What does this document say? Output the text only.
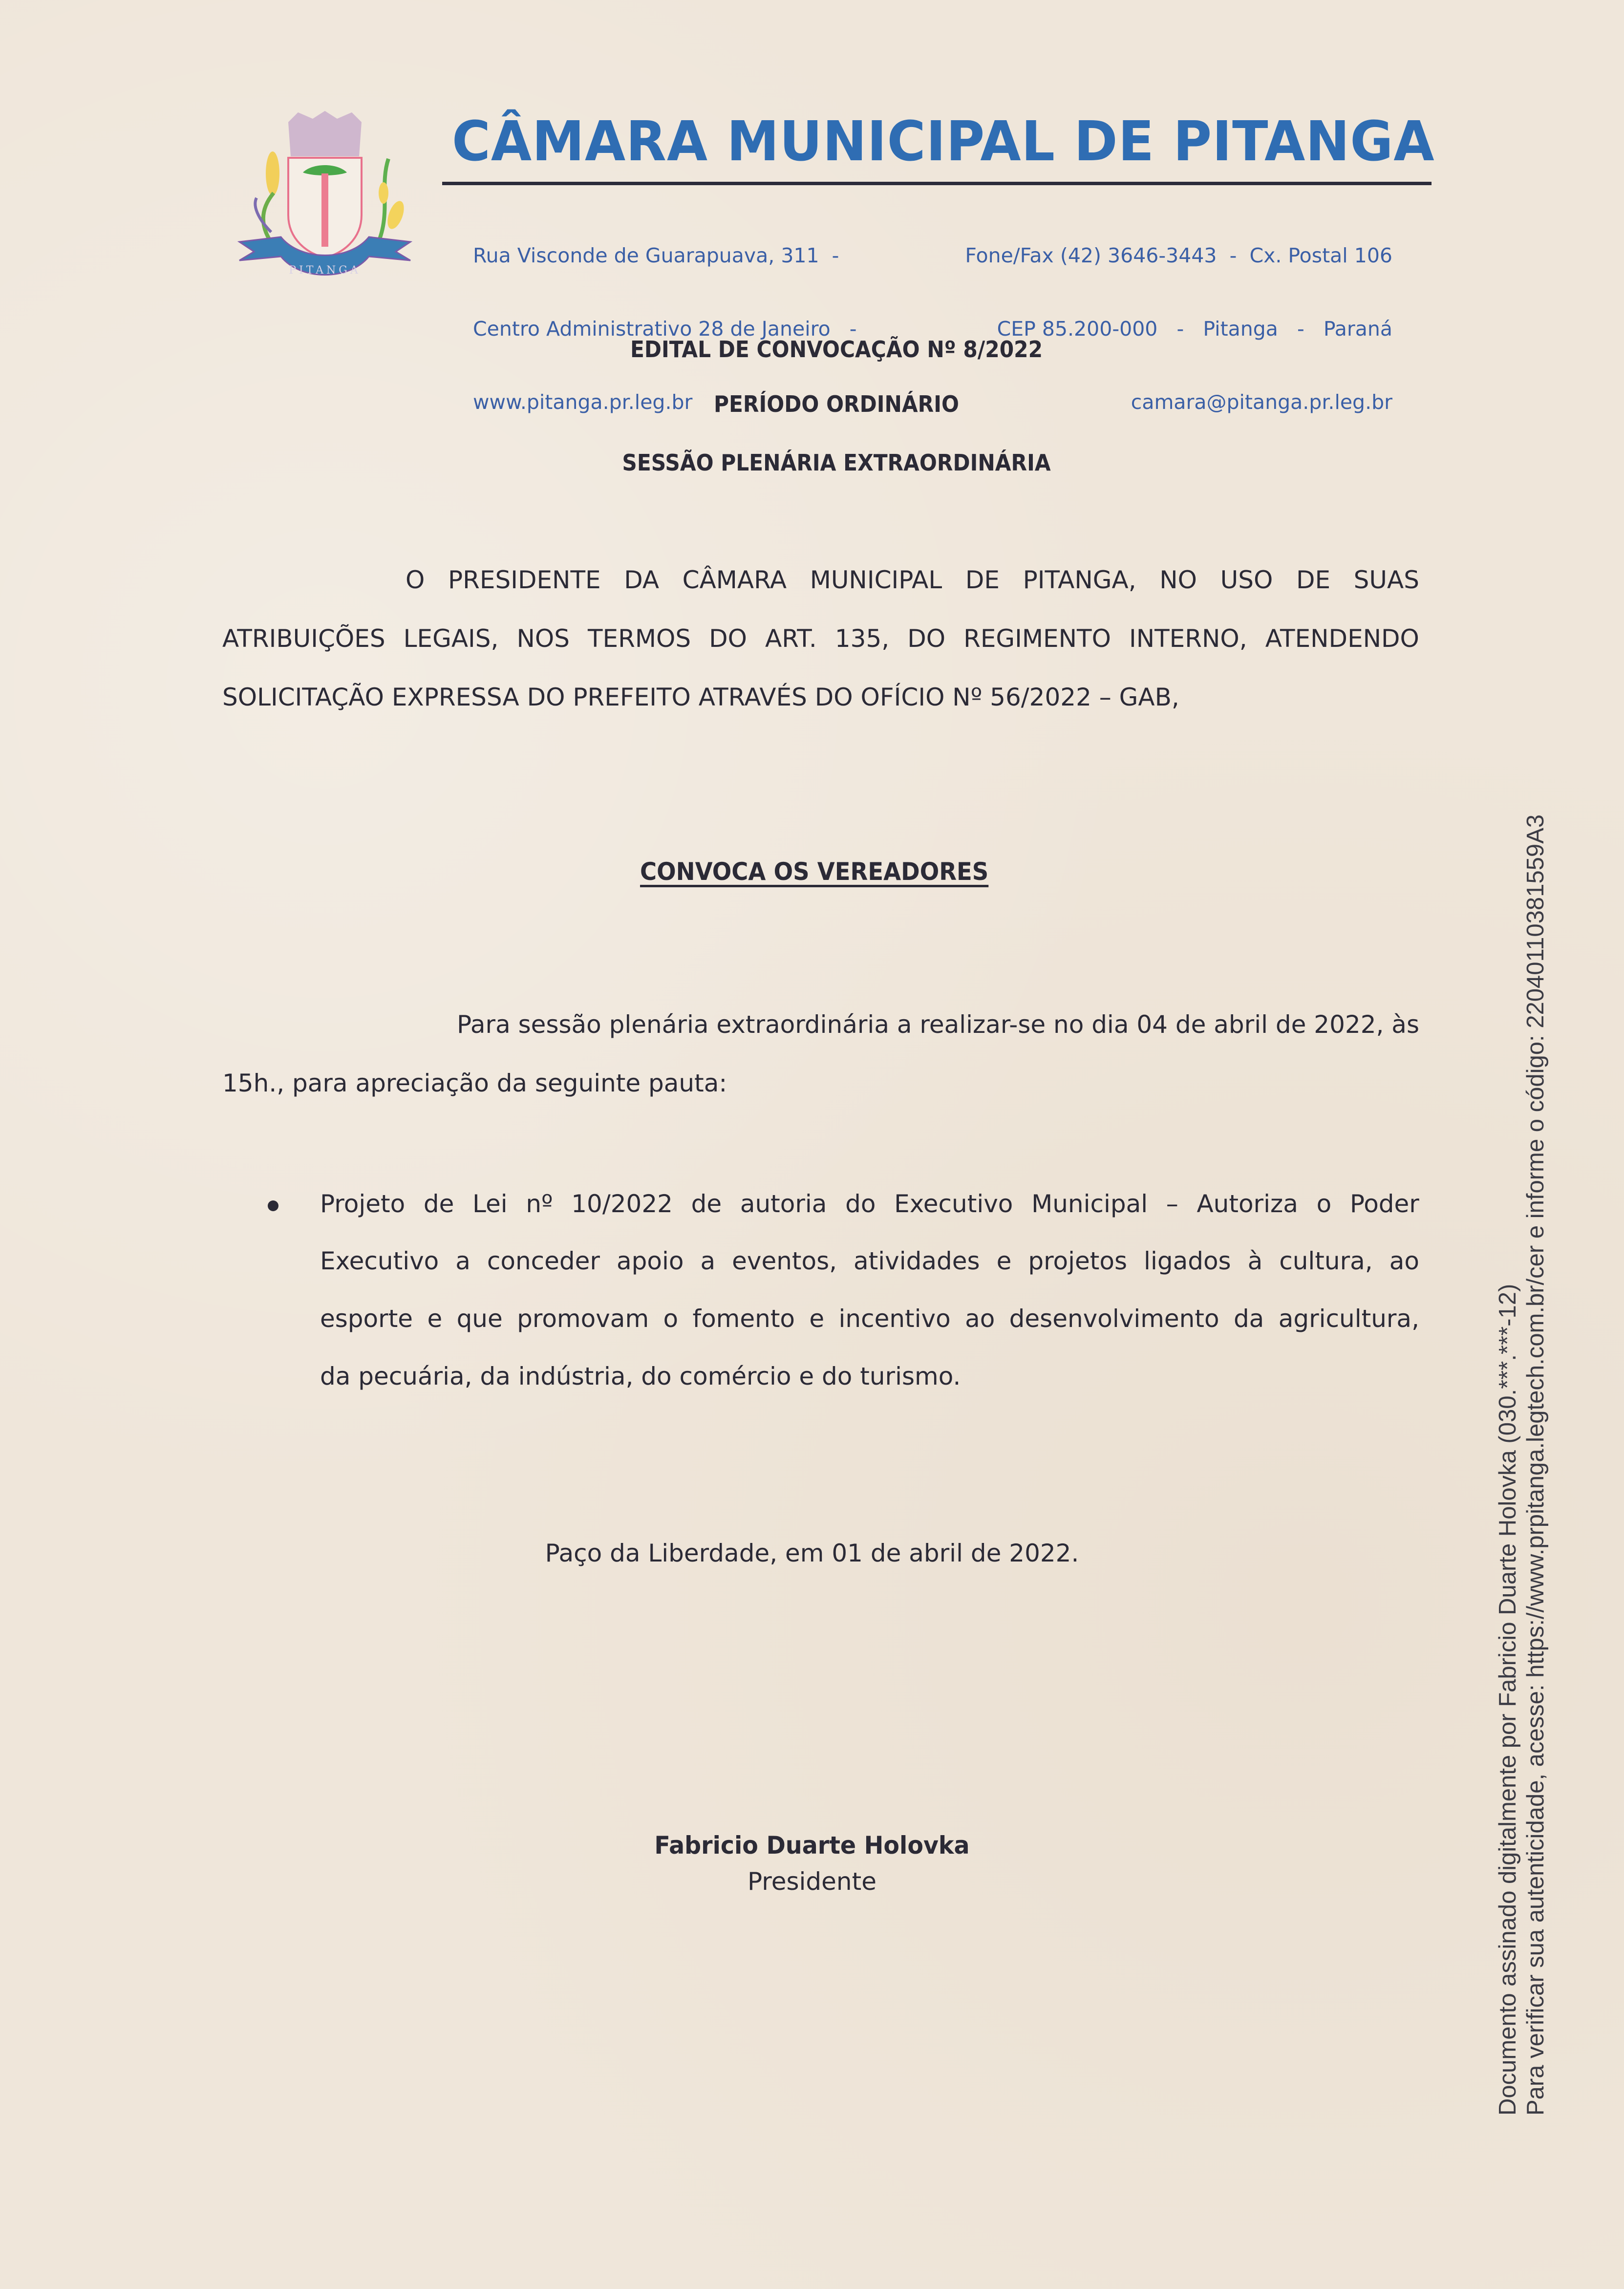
PITANGA
CÂMARA MUNICIPAL DE PITANGA

Rua Visconde de Guarapuava, 311  -

Centro Administrativo 28 de Janeiro   -

www.pitanga.pr.leg.br

Fone/Fax (42) 3646-3443  -  Cx. Postal 106

CEP 85.200-000   -   Pitanga   -   Paraná

camara@pitanga.pr.leg.br

EDITAL DE CONVOCAÇÃO Nº 8/2022
PERÍODO ORDINÁRIO
SESSÃO PLENÁRIA EXTRAORDINÁRIA
O PRESIDENTE DA CÂMARA MUNICIPAL DE PITANGA, NO USO DE SUAS
ATRIBUIÇÕES LEGAIS, NOS TERMOS DO ART. 135, DO REGIMENTO INTERNO, ATENDENDO
SOLICITAÇÃO EXPRESSA DO PREFEITO ATRAVÉS DO OFÍCIO Nº 56/2022 – GAB,
CONVOCA OS VEREADORES
Para sessão plenária extraordinária a realizar-se no dia 04 de abril de 2022, às
15h., para apreciação da seguinte pauta:
Projeto de Lei nº 10/2022 de autoria do Executivo Municipal – Autoriza o Poder
Executivo a conceder apoio a eventos, atividades e projetos ligados à cultura, ao
esporte e que promovam o fomento e incentivo ao desenvolvimento da agricultura,
da pecuária, da indústria, do comércio e do turismo.
Paço da Liberdade, em 01 de abril de 2022.
Fabricio Duarte Holovka
Presidente	Documento assinado digitalmente por Fabricio Duarte Holovka (030.***.***-12) Para verificar sua autenticidade, acesse: https://www.prpitanga.legtech.com.br/cer e informe o código: 22040110381559A3
